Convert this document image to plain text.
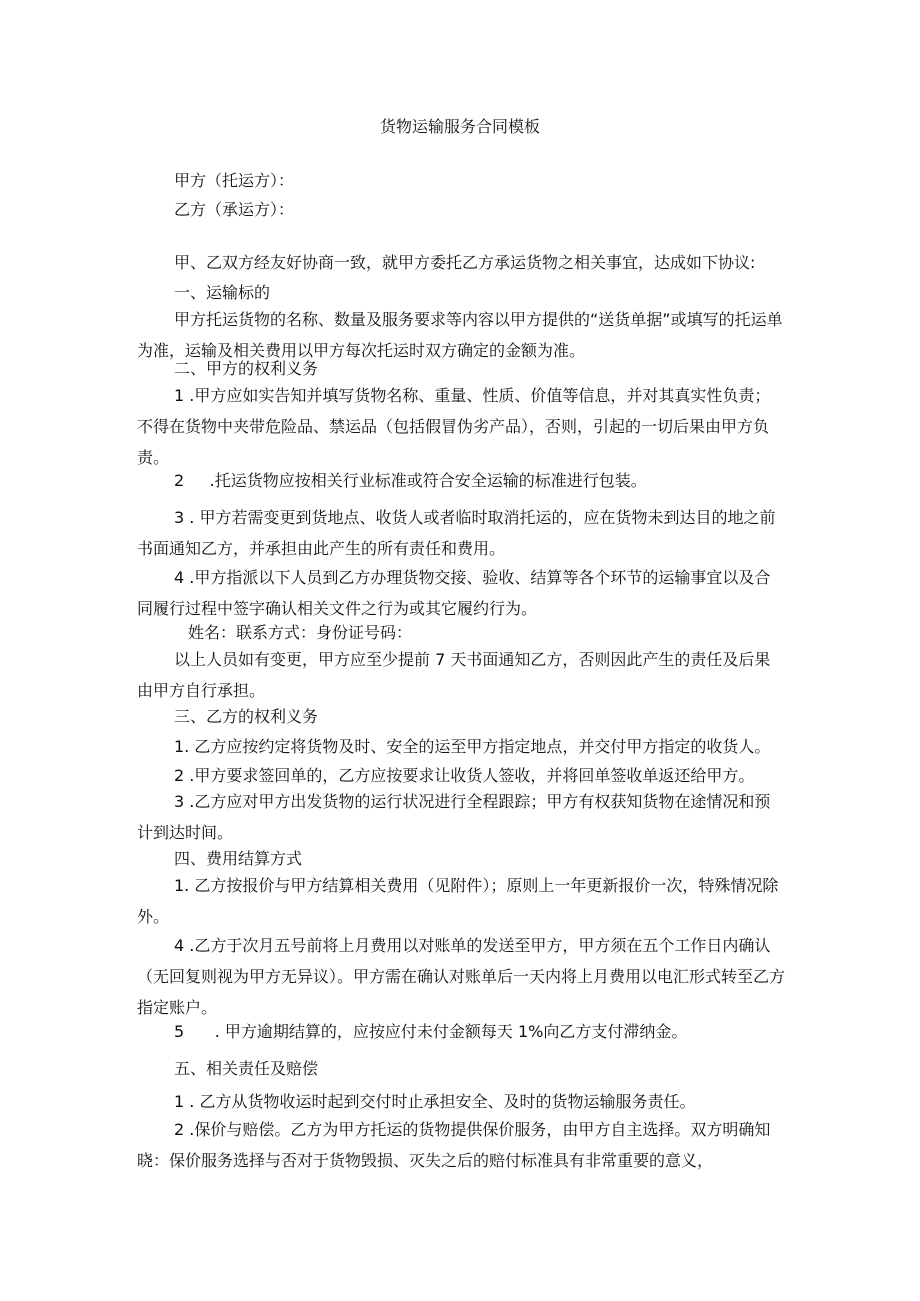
货物运输服务合同模板
甲方（托运方）：
乙方（承运方）：
甲、乙双方经友好协商一致，就甲方委托乙方承运货物之相关事宜，达成如下协议:
一、运输标的
甲方托运货物的名称、数量及服务要求等内容以甲方提供的“送货单据”或填写的托运单为准，运输及相关费用以甲方每次托运时双方确定的金额为准。
二、甲方的权利义务
1 .甲方应如实告知并填写货物名称、重量、性质、价值等信息，并对其真实性负责；不得在货物中夹带危险品、禁运品（包括假冒伪劣产品），否则，引起的一切后果由甲方负责。
2     .托运货物应按相关行业标准或符合安全运输的标准进行包装。
3 . 甲方若需变更到货地点、收货人或者临时取消托运的，应在货物未到达目的地之前书面通知乙方，并承担由此产生的所有责任和费用。
4 .甲方指派以下人员到乙方办理货物交接、验收、结算等各个环节的运输事宜以及合同履行过程中签字确认相关文件之行为或其它履约行为。
姓名：联系方式：身份证号码：
以上人员如有变更，甲方应至少提前 7 天书面通知乙方，否则因此产生的责任及后果由甲方自行承担。
三、乙方的权利义务
1. 乙方应按约定将货物及时、安全的运至甲方指定地点，并交付甲方指定的收货人。
2 .甲方要求签回单的，乙方应按要求让收货人签收，并将回单签收单返还给甲方。
3 .乙方应对甲方出发货物的运行状况进行全程跟踪；甲方有权获知货物在途情况和预计到达时间。
四、费用结算方式
1. 乙方按报价与甲方结算相关费用（见附件）；原则上一年更新报价一次，特殊情况除外。
4 .乙方于次月五号前将上月费用以对账单的发送至甲方，甲方须在五个工作日内确认（无回复则视为甲方无异议）。甲方需在确认对账单后一天内将上月费用以电汇形式转至乙方指定账户。
5      . 甲方逾期结算的，应按应付未付金额每天 1%向乙方支付滞纳金。
五、相关责任及赔偿
1 . 乙方从货物收运时起到交付时止承担安全、及时的货物运输服务责任。
2 .保价与赔偿。乙方为甲方托运的货物提供保价服务，由甲方自主选择。双方明确知晓：保价服务选择与否对于货物毁损、灭失之后的赔付标准具有非常重要的意义，
